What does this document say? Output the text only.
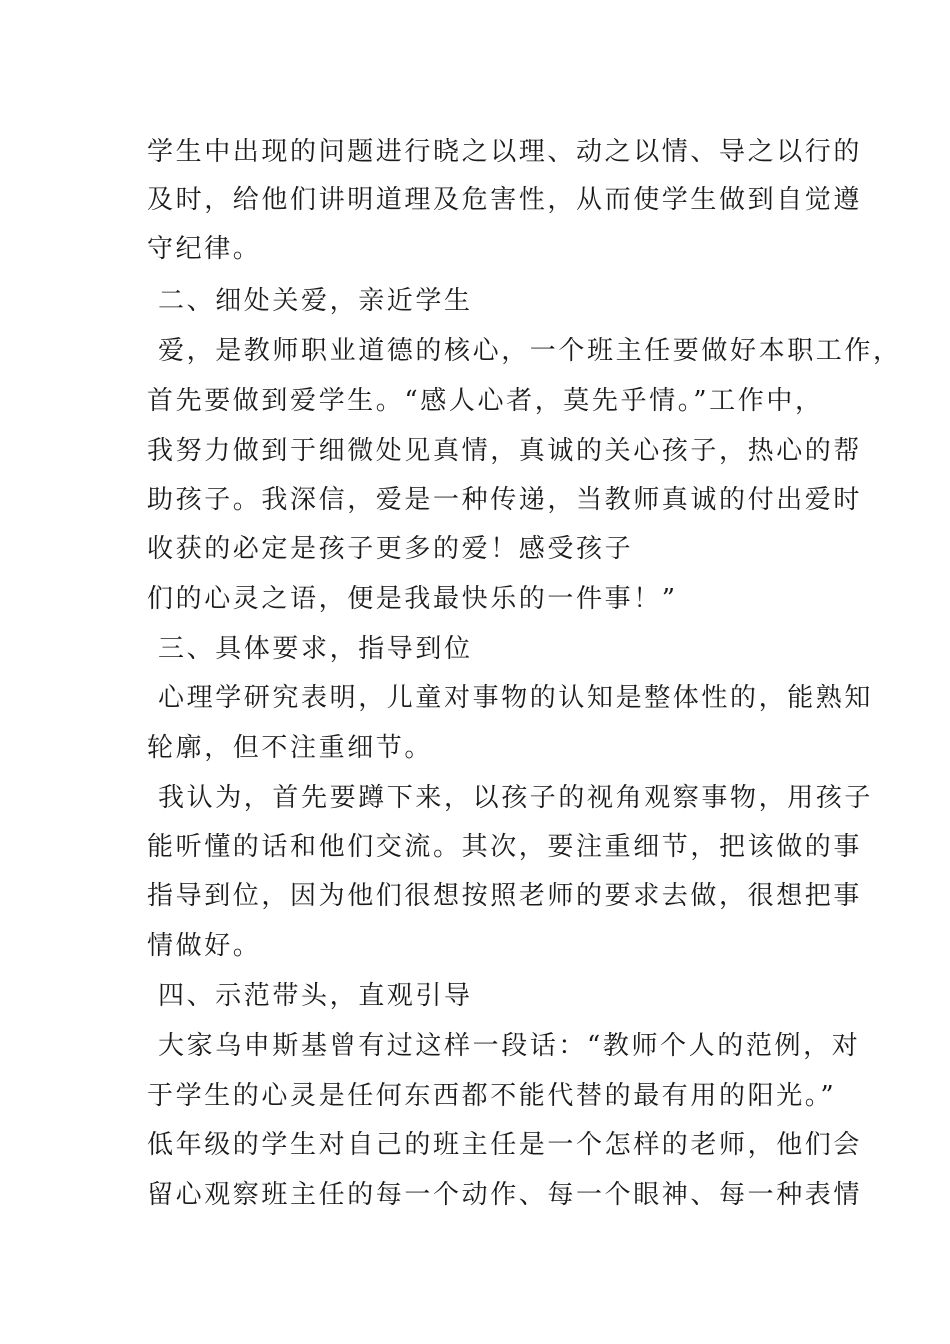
学生中出现的问题进行晓之以理、动之以情、导之以行的
及时，给他们讲明道理及危害性，从而使学生做到自觉遵
守纪律。
二、细处关爱，亲近学生
爱，是教师职业道德的核心，一个班主任要做好本职工作，
首先要做到爱学生。“感人心者，莫先乎情。”工作中，
我努力做到于细微处见真情，真诚的关心孩子，热心的帮
助孩子。我深信，爱是一种传递，当教师真诚的付出爱时
收获的必定是孩子更多的爱！感受孩子
们的心灵之语，便是我最快乐的一件事！”
三、具体要求，指导到位
心理学研究表明，儿童对事物的认知是整体性的，能熟知
轮廓，但不注重细节。
我认为，首先要蹲下来，以孩子的视角观察事物，用孩子
能听懂的话和他们交流。其次，要注重细节，把该做的事
指导到位，因为他们很想按照老师的要求去做，很想把事
情做好。
四、示范带头，直观引导
大家乌申斯基曾有过这样一段话：“教师个人的范例，对
于学生的心灵是任何东西都不能代替的最有用的阳光。”
低年级的学生对自己的班主任是一个怎样的老师，他们会
留心观察班主任的每一个动作、每一个眼神、每一种表情
